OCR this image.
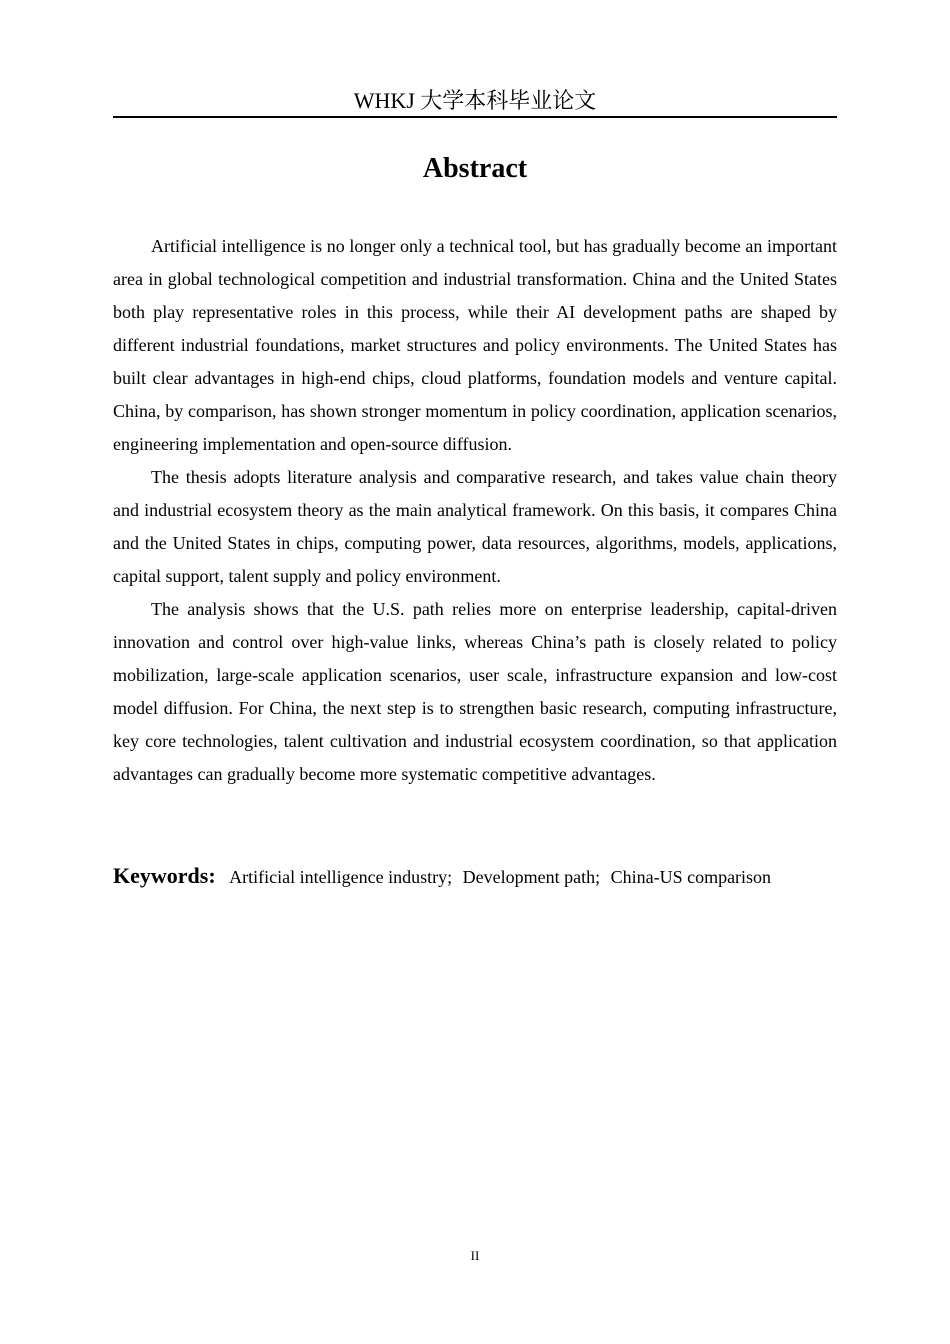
WHKJ 大学本科毕业论文
Abstract

Artificial intelligence is no longer only a technical tool, but has gradually become an important area in global technological competition and industrial transformation. China and the United States both play representative roles in this process, while their AI development paths are shaped by different industrial foundations, market structures and policy environments. The United States has built clear advantages in high-end chips, cloud platforms, foundation models and venture capital. China, by comparison, has shown stronger momentum in policy coordination, application scenarios, engineering implementation and open-source diffusion.

The thesis adopts literature analysis and comparative research, and takes value chain theory and industrial ecosystem theory as the main analytical framework. On this basis, it compares China and the United States in chips, computing power, data resources, algorithms, models, applications, capital support, talent supply and policy environment.

The analysis shows that the U.S. path relies more on enterprise leadership, capital-driven innovation and control over high-value links, whereas China’s path is closely related to policy mobilization, large-scale application scenarios, user scale, infrastructure expansion and low-cost model diffusion. For China, the next step is to strengthen basic research, computing infrastructure, key core technologies, talent cultivation and industrial ecosystem coordination, so that application advantages can gradually become more systematic competitive advantages.

Keywords: Artificial intelligence industry; Development path; China-US comparison
II
